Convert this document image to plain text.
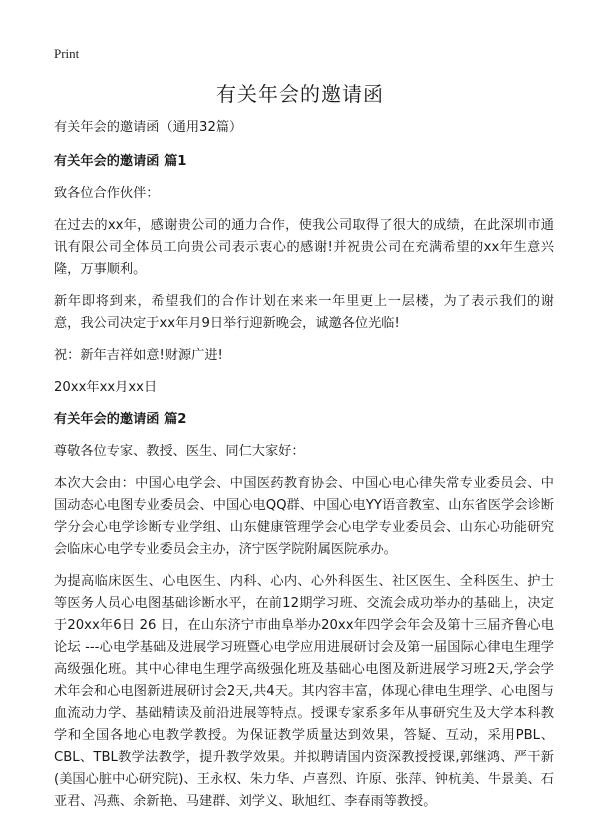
Print
有关年会的邀请函

有关年会的邀请函（通用32篇）

有关年会的邀请函 篇1

致各位合作伙伴：

在过去的xx年，感谢贵公司的通力合作，使我公司取得了很大的成绩，在此深圳市通讯有限公司全体员工向贵公司表示衷心的感谢!并祝贵公司在充满希望的xx年生意兴隆，万事顺利。

新年即将到来，希望我们的合作计划在来来一年里更上一层楼，为了表示我们的谢意，我公司决定于xx年月9日举行迎新晚会，诚邀各位光临!

祝：新年吉祥如意!财源广进!

20xx年xx月xx日

有关年会的邀请函 篇2

尊敬各位专家、教授、医生、同仁大家好：

本次大会由：中国心电学会、中国医药教育协会、中国心电心律失常专业委员会、中国动态心电图专业委员会、中国心电QQ群、中国心电YY语音教室、山东省医学会诊断学分会心电学诊断专业学组、山东健康管理学会心电学专业委员会、山东心功能研究会临床心电学专业委员会主办，济宁医学院附属医院承办。

为提高临床医生、心电医生、内科、心内、心外科医生、社区医生、全科医生、护士等医务人员心电图基础诊断水平，在前12期学习班、交流会成功举办的基础上，决定于20xx年6日 26 日，在山东济宁市曲阜举办20xx年四学会年会及第十三届齐鲁心电论坛 ---心电学基础及进展学习班暨心电学应用进展研讨会及第一届国际心律电生理学高级强化班。其中心律电生理学高级强化班及基础心电图及新进展学习班2天,学会学术年会和心电图新进展研讨会2天,共4天。其内容丰富，体现心律电生理学、心电图与血流动力学、基础精读及前沿进展等特点。授课专家系多年从事研究生及大学本科教学和全国各地心电教学教授。为保证教学质量达到效果，答疑、互动，采用PBL、CBL、TBL教学法教学，提升教学效果。并拟聘请国内资深教授授课,郭继鸿、严干新(美国心脏中心研究院)、王永权、朱力华、卢喜烈、许原、张萍、钟杭美、牛景美、石亚君、冯燕、余新艳、马建群、刘学义、耿旭红、李春雨等教授。
